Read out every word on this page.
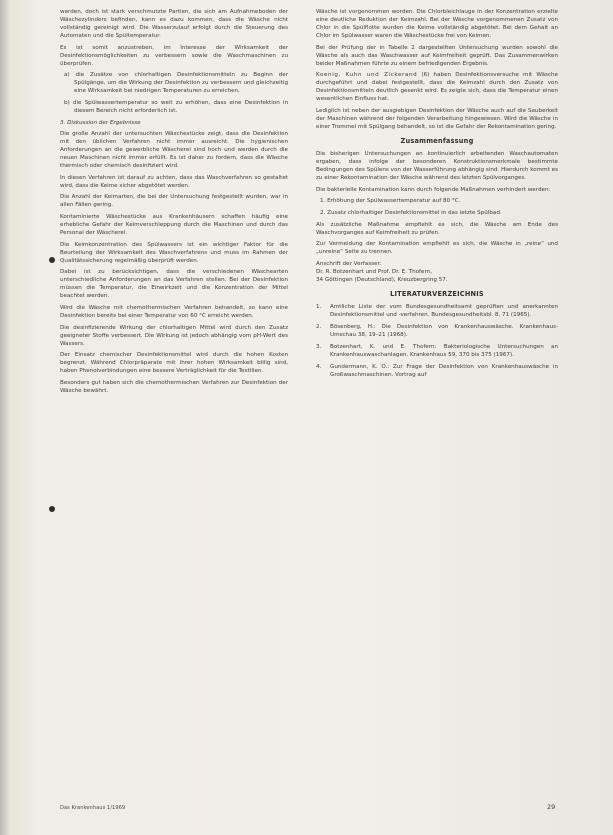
werden, doch ist stark verschmutzte Partien, die sich am Aufnahmeboden der Wäschezylinders befinden, kann es dazu kommen, dass die Wäsche nicht vollständig gereinigt wird. Die Wasserzulauf erfolgt durch die Steuerung des Automaten und die Spültemperatur.

Es ist somit anzustreben, im Interesse der Wirksamkeit der Desinfektionsmöglichkeiten zu verbessern sowie die Waschmaschinen zu überprüfen.

a) die Zusätze von chlorhaltigen Desinfektionsmitteln zu Beginn der Spülgänge, um die Wirkung der Desinfektion zu verbessern und gleichzeitig eine Wirksamkeit bei niedrigen Temperaturen zu erreichen,

b) die Spülwassertemperatur so weit zu erhöhen, dass eine Desinfektion in diesem Bereich nicht erforderlich ist.

3. Diskussion der Ergebnisse

Die große Anzahl der untersuchten Wäschestücke zeigt, dass die Desinfektion mit den üblichen Verfahren nicht immer ausreicht. Die hygienischen Anforderungen an die gewerbliche Wäscherei sind hoch und werden durch die neuen Maschinen nicht immer erfüllt. Es ist daher zu fordern, dass die Wäsche thermisch oder chemisch desinfiziert wird.

In diesen Verfahren ist darauf zu achten, dass das Waschverfahren so gestaltet wird, dass die Keime sicher abgetötet werden.

Die Anzahl der Keimarten, die bei der Untersuchung festgestellt wurden, war in allen Fällen gering.

Kontaminierte Wäschestücke aus Krankenhäusern schaffen häufig eine erhebliche Gefahr der Keimverschleppung durch die Maschinen und durch das Personal der Wäscherei.

Die Keimkonzentration des Spülwassers ist ein wichtiger Faktor für die Beurteilung der Wirksamkeit des Waschverfahrens und muss im Rahmen der Qualitätssicherung regelmäßig überprüft werden.

Dabei ist zu berücksichtigen, dass die verschiedenen Wäschearten unterschiedliche Anforderungen an das Verfahren stellen. Bei der Desinfektion müssen die Temperatur, die Einwirkzeit und die Konzentration der Mittel beachtet werden.

Wird die Wäsche mit chemothermischen Verfahren behandelt, so kann eine Desinfektion bereits bei einer Temperatur von 60 °C erreicht werden.

Die desinfizierende Wirkung der chlorhaltigen Mittel wird durch den Zusatz geeigneter Stoffe verbessert. Die Wirkung ist jedoch abhängig vom pH-Wert des Wassers.

Der Einsatz chemischer Desinfektionsmittel wird durch die hohen Kosten begrenzt. Während Chlorpräparate mit ihrer hohen Wirksamkeit billig sind, haben Phenolverbindungen eine bessere Verträglichkeit für die Textilien.

Besonders gut haben sich die chemothermischen Verfahren zur Desinfektion der Wäsche bewährt.

Wäsche ist vorgenommen worden. Die Chlorbleichlauge in der Konzentration erzielte eine deutliche Reduktion der Keimzahl. Bei der Wäsche vorgenommenen Zusatz von Chlor in die Spülflotte wurden die Keime vollständig abgetötet. Bei dem Gehalt an Chlor im Spülwasser waren die Wäschestücke frei von Keimen.

Bei der Prüfung der in Tabelle 2 dargestellten Untersuchung wurden sowohl die Wäsche als auch das Waschwasser auf Keimfreiheit geprüft. Das Zusammenwirken beider Maßnahmen führte zu einem befriedigenden Ergebnis.

Koenig, Kuhn und Zickerand (6) haben Desinfektionsversuche mit Wäsche durchgeführt und dabei festgestellt, dass die Keimzahl durch den Zusatz von Desinfektionsmitteln deutlich gesenkt wird. Es zeigte sich, dass die Temperatur einen wesentlichen Einfluss hat.

Lediglich ist neben der ausgiebigen Desinfektion der Wäsche auch auf die Sauberkeit der Maschinen während der folgenden Verarbeitung hingewiesen. Wird die Wäsche in einer Trommel mit Spülgang behandelt, so ist die Gefahr der Rekontamination gering.

Zusammenfassung

Die bisherigen Untersuchungen an kontinuierlich arbeitenden Waschautomaten ergaben, dass infolge der besonderen Konstruktionsmerkmale bestimmte Bedingungen des Spülens von der Wasserführung abhängig sind. Hierdurch kommt es zu einer Rekontamination der Wäsche während des letzten Spülvorganges.

Die bakterielle Kontamination kann durch folgende Maßnahmen verhindert werden:

1. Erhöhung der Spülwassertemperatur auf 80 °C.

2. Zusatz chlorhaltiger Desinfektionsmittel in das letzte Spülbad.

Als zusätzliche Maßnahme empfiehlt es sich, die Wäsche am Ende des Waschvorganges auf Keimfreiheit zu prüfen.

Zur Vermeidung der Kontamination empfiehlt es sich, die Wäsche in „reine“ und „unreine“ Seite zu trennen.

Anschrift der Verfasser:

Dr. R. Botzenhart und Prof. Dr. E. Thofern,

34 Göttingen (Deutschland), Kreuzbergring 57.

LITERATURVERZEICHNIS
1. Amtliche Liste der vom Bundesgesundheitsamt geprüften und anerkannten Desinfektionsmittel und -verfahren. Bundesgesundheitsbl. 8, 71 (1965).
2. Bösenberg, H.: Die Desinfektion von Krankenhauswäsche. Krankenhaus-Umschau 38, 19–21 (1968).
3. Botzenhart, K. und E. Thofern: Bakteriologische Untersuchungen an Krankenhauswaschanlagen. Krankenhaus 59, 370 bis 375 (1967).
4. Gundermann, K. O.: Zur Frage der Desinfektion von Krankenhauswäsche in Großwaschmaschinen. Vortrag auf
Das Krankenhaus 1/1969	29
